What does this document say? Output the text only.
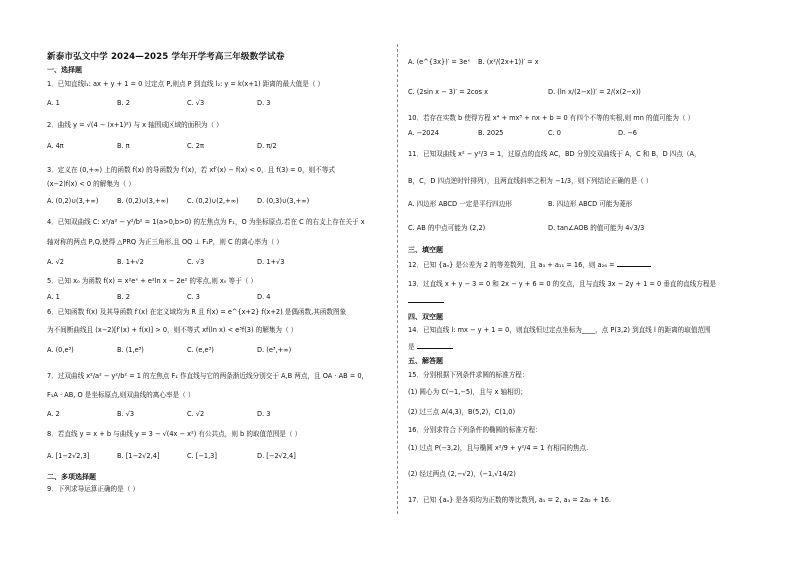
新泰市弘文中学 2024—2025 学年开学考高三年级数学试卷
一、选择题
1．已知直线l₁: ax + y + 1 = 0 过定点 P,则点 P 到直线 l₂: y = k(x+1) 距离的最大值是（ ）
A. 1	B. 2	C. √3	D. 3
2．曲线 y = √(4 − (x+1)²) 与 x 轴围成区域的面积为（ ）
A. 4π	B. π	C. 2π	D. π/2
3．定义在 (0,+∞) 上的函数 f(x) 的导函数为 f′(x)，若 xf′(x) − f(x) < 0，且 f(3) = 0，则不等式
(x−2)f(x) < 0 的解集为（ ）
A. (0,2)∪(3,+∞)	B. (0,2)∪(3,+∞)	C. (0,2)∪(2,+∞)	D. (0,3)∪(3,+∞)
4．已知双曲线 C: x²/a² − y²/b² = 1(a>0,b>0) 的左焦点为 F₁，O 为坐标原点.若在 C 的右支上存在关于 x
轴对称的两点 P,Q,使得 △PRQ 为正三角形,且 OQ ⊥ F₁P，则 C 的离心率为（ ）
A. √2	B. 1+√2	C. √3	D. 1+√3
5．已知 x₀ 为函数 f(x) = x²eˣ + e²ln x − 2e² 的零点,则 x₀ 等于（ ）
A. 1	B. 2	C. 3	D. 4
6．已知函数 f(x) 及其导函数 f′(x) 在定义域均为 R 且 f(x) = e^{x+2} f(x+2) 是偶函数,其函数图象
为不间断曲线且 (x−2)[f′(x) + f(x)] > 0，则不等式 xf(ln x) < e³f(3) 的解集为（ ）
A. (0,e³)	B. (1,e³)	C. (e,e³)	D. (e³,+∞)
7．过双曲线 x²/a² − y²/b² = 1 的左焦点 F₁ 作直线与它的两条渐近线分别交于 A,B 两点，且 OA · AB = 0，
F₁A · AB, O 是坐标原点,则双曲线的离心率是（ ）
A. 2	B. √3	C. √2	D. 3
8．若直线 y = x + b 与曲线 y = 3 − √(4x − x²) 有公共点，则 b 的取值范围是（ ）
A. [1−2√2,3]	B. [1−2√2,4]	C. [−1,3]	D. [−2√2,4]
二、多项选择题
9．下列求导运算正确的是（ ）
A. (e^{3x})′ = 3eˣ B. (x²/(2x+1))′ = x
C. (2sin x − 3)′ = 2cos x	D. (ln x/(2−x))′ = 2/(x(2−x))
10．若存在实数 b 使得方程 x⁴ + mx³ + nx + b = 0 有四个不等的实根,则 mn 的值可能为（ ）
A. −2024	B. 2025	C. 0	D. −6
11．已知双曲线 x² − y²/3 = 1，过原点的直线 AC，BD 分别交双曲线于 A，C 和 B，D 四点（A，
B，C，D 四点逆时针排列），且两直线斜率之积为 −1/3，则下列结论正确的是（ ）
A. 四边形 ABCD 一定是平行四边形	B. 四边形 ABCD 可能为菱形
C. AB 的中点可能为 (2,2)	D. tan∠AOB 的值可能为 4√3/3
三、填空题
12．已知 {aₙ} 是公差为 2 的等差数列，且 a₃ + a₁₁ = 16，则 a₂₆ =
13．过直线 x + y − 3 = 0 和 2x − y + 6 = 0 的交点，且与直线 3x − 2y + 1 = 0 垂直的直线方程是
四、双空题
14．已知直线 l: mx − y + 1 = 0，则直线恒过定点坐标为____，点 P(3,2) 到直线 l 的距离的取值范围
是
五、解答题
15．分别根据下列条件求圆的标准方程：
(1) 圆心为 C(−1,−5)，且与 x 轴相切；
(2) 过三点 A(4,3)，B(5,2)，C(1,0)
16．分别求符合下列条件的椭圆的标准方程：
(1) 过点 P(−3,2)，且与椭圆 x²/9 + y²/4 = 1 有相同的焦点.
(2) 经过两点 (2,−√2)，(−1,√14/2)
17．已知 {aₙ} 是各项均为正数的等比数列, a₁ = 2, a₃ = 2a₂ + 16.
